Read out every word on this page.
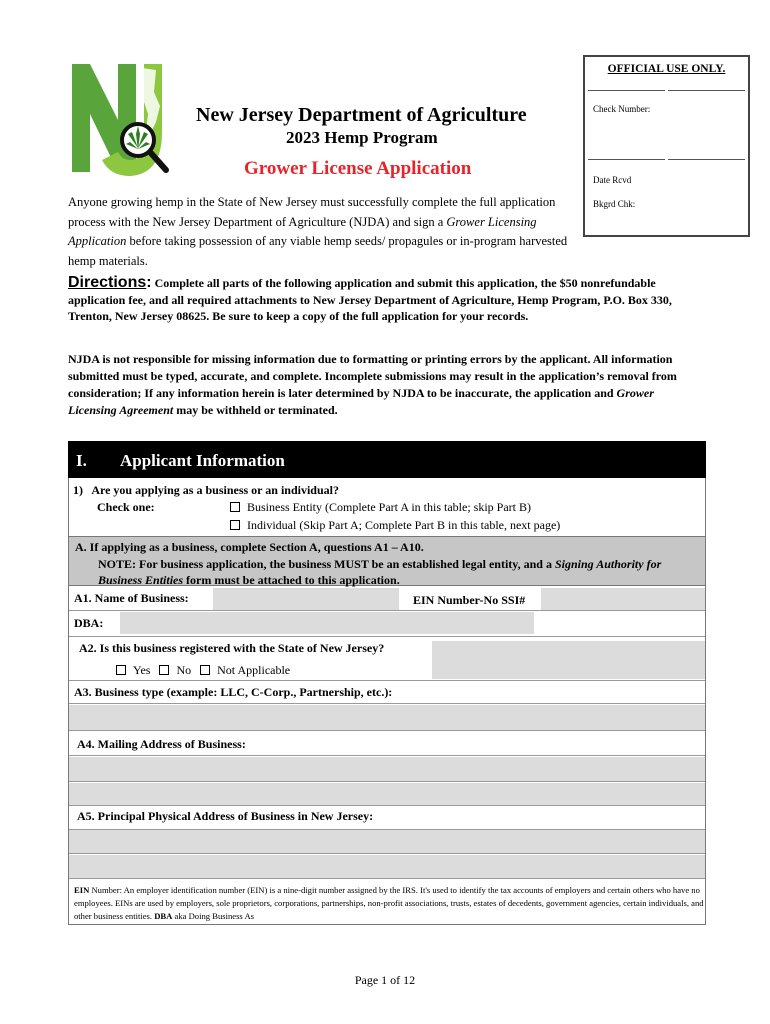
New Jersey Department of Agriculture
2023 Hemp Program
Grower License Application
OFFICIAL USE ONLY.
Check Number:
Date Rcvd
Bkgrd Chk:
Anyone growing hemp in the State of New Jersey must successfully complete the full application process with the New Jersey Department of Agriculture (NJDA) and sign a Grower Licensing Application before taking possession of any viable hemp seeds/ propagules or in-program harvested hemp materials.
Directions: Complete all parts of the following application and submit this application, the $50 nonrefundable application fee, and all required attachments to New Jersey Department of Agriculture, Hemp Program, P.O. Box 330, Trenton, New Jersey 08625. Be sure to keep a copy of the full application for your records.
NJDA is not responsible for missing information due to formatting or printing errors by the applicant. All information submitted must be typed, accurate, and complete. Incomplete submissions may result in the application’s removal from consideration; If any information herein is later determined by NJDA to be inaccurate, the application and Grower Licensing Agreement may be withheld or terminated.
I. Applicant Information
1)   Are you applying as a business or an individual?
Check one:	Business Entity (Complete Part A in this table; skip Part B)
Individual (Skip Part A; Complete Part B in this table, next page)
A. If applying as a business, complete Section A, questions A1 – A10.
NOTE: For business application, the business MUST be an established legal entity, and a Signing Authority for Business Entities form must be attached to this application.
A1. Name of Business:	EIN Number-No SSI#
DBA:
A2. Is this business registered with the State of New Jersey?
Yes No Not Applicable
A3. Business type (example: LLC, C-Corp., Partnership, etc.):
A4. Mailing Address of Business:
A5. Principal Physical Address of Business in New Jersey:
EIN Number: An employer identification number (EIN) is a nine-digit number assigned by the IRS. It's used to identify the tax accounts of employers and certain others who have no employees. EINs are used by employers, sole proprietors, corporations, partnerships, non-profit associations, trusts, estates of decedents, government agencies, certain individuals, and other business entities. DBA aka Doing Business As
Page 1 of 12
